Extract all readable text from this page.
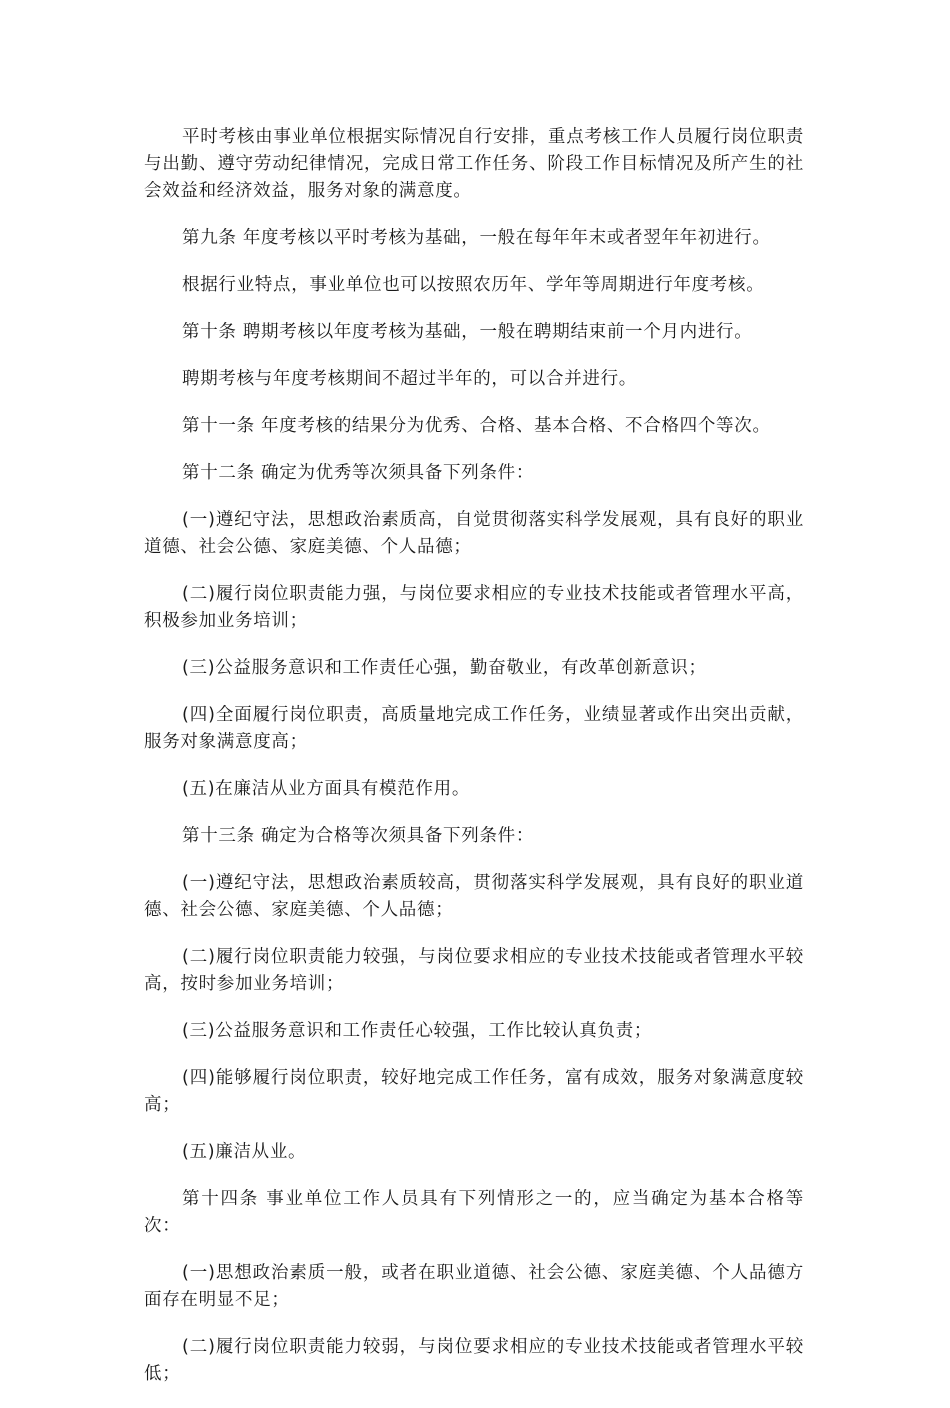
平时考核由事业单位根据实际情况自行安排，重点考核工作人员履行岗位职责与出勤、遵守劳动纪律情况，完成日常工作任务、阶段工作目标情况及所产生的社会效益和经济效益，服务对象的满意度。

第九条 年度考核以平时考核为基础，一般在每年年末或者翌年年初进行。

根据行业特点，事业单位也可以按照农历年、学年等周期进行年度考核。

第十条 聘期考核以年度考核为基础，一般在聘期结束前一个月内进行。

聘期考核与年度考核期间不超过半年的，可以合并进行。

第十一条 年度考核的结果分为优秀、合格、基本合格、不合格四个等次。

第十二条 确定为优秀等次须具备下列条件：

(一)遵纪守法，思想政治素质高，自觉贯彻落实科学发展观，具有良好的职业道德、社会公德、家庭美德、个人品德；

(二)履行岗位职责能力强，与岗位要求相应的专业技术技能或者管理水平高，积极参加业务培训；

(三)公益服务意识和工作责任心强，勤奋敬业，有改革创新意识；

(四)全面履行岗位职责，高质量地完成工作任务，业绩显著或作出突出贡献，服务对象满意度高；

(五)在廉洁从业方面具有模范作用。

第十三条 确定为合格等次须具备下列条件：

(一)遵纪守法，思想政治素质较高，贯彻落实科学发展观，具有良好的职业道德、社会公德、家庭美德、个人品德；

(二)履行岗位职责能力较强，与岗位要求相应的专业技术技能或者管理水平较高，按时参加业务培训；

(三)公益服务意识和工作责任心较强，工作比较认真负责；

(四)能够履行岗位职责，较好地完成工作任务，富有成效，服务对象满意度较高；

(五)廉洁从业。

第十四条 事业单位工作人员具有下列情形之一的，应当确定为基本合格等次：

(一)思想政治素质一般，或者在职业道德、社会公德、家庭美德、个人品德方面存在明显不足；

(二)履行岗位职责能力较弱，与岗位要求相应的专业技术技能或者管理水平较低；
